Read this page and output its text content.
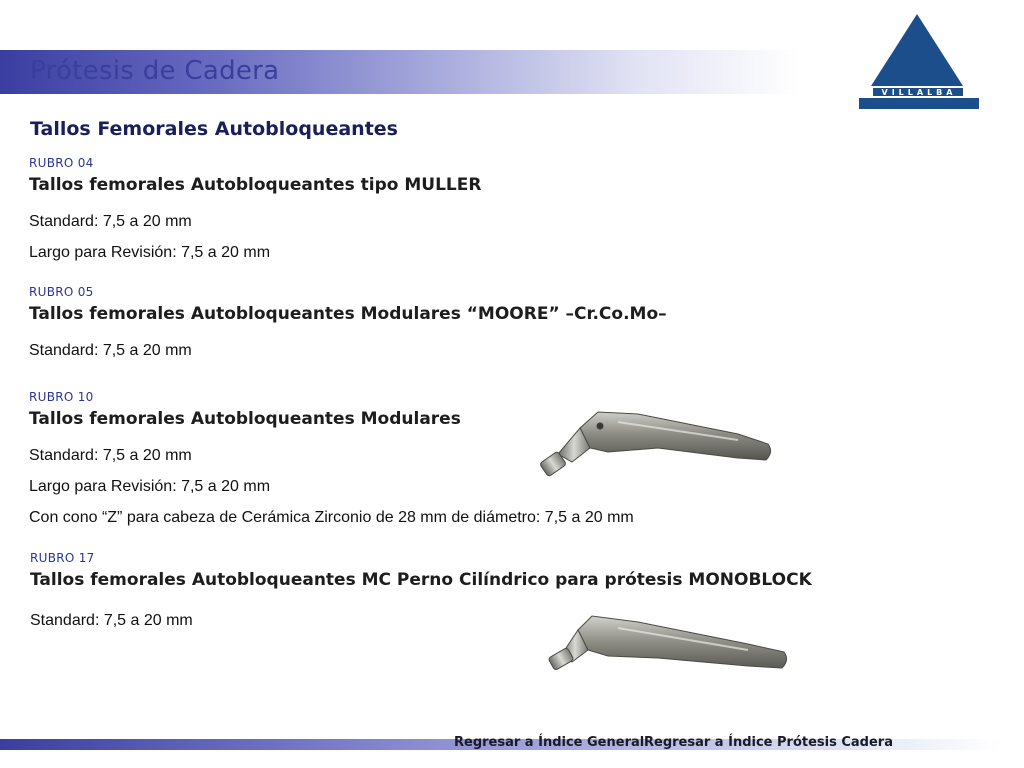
Prótesis de Cadera
VILLALBA
Tallos Femorales Autobloqueantes
RUBRO 04
Tallos femorales Autobloqueantes tipo MULLER
Standard: 7,5 a 20 mm
Largo para Revisión: 7,5 a 20 mm
RUBRO 05
Tallos femorales Autobloqueantes Modulares “MOORE” –Cr.Co.Mo–
Standard: 7,5 a 20 mm
RUBRO 10
Tallos femorales Autobloqueantes Modulares
Standard: 7,5 a 20 mm
Largo para Revisión: 7,5 a 20 mm
Con cono “Z” para cabeza de Cerámica Zirconio de 28 mm de diámetro: 7,5 a 20 mm
RUBRO 17
Tallos femorales Autobloqueantes MC Perno Cilíndrico para prótesis MONOBLOCK
Standard: 7,5 a 20 mm
Regresar a Índice General Regresar a Índice Prótesis Cadera
